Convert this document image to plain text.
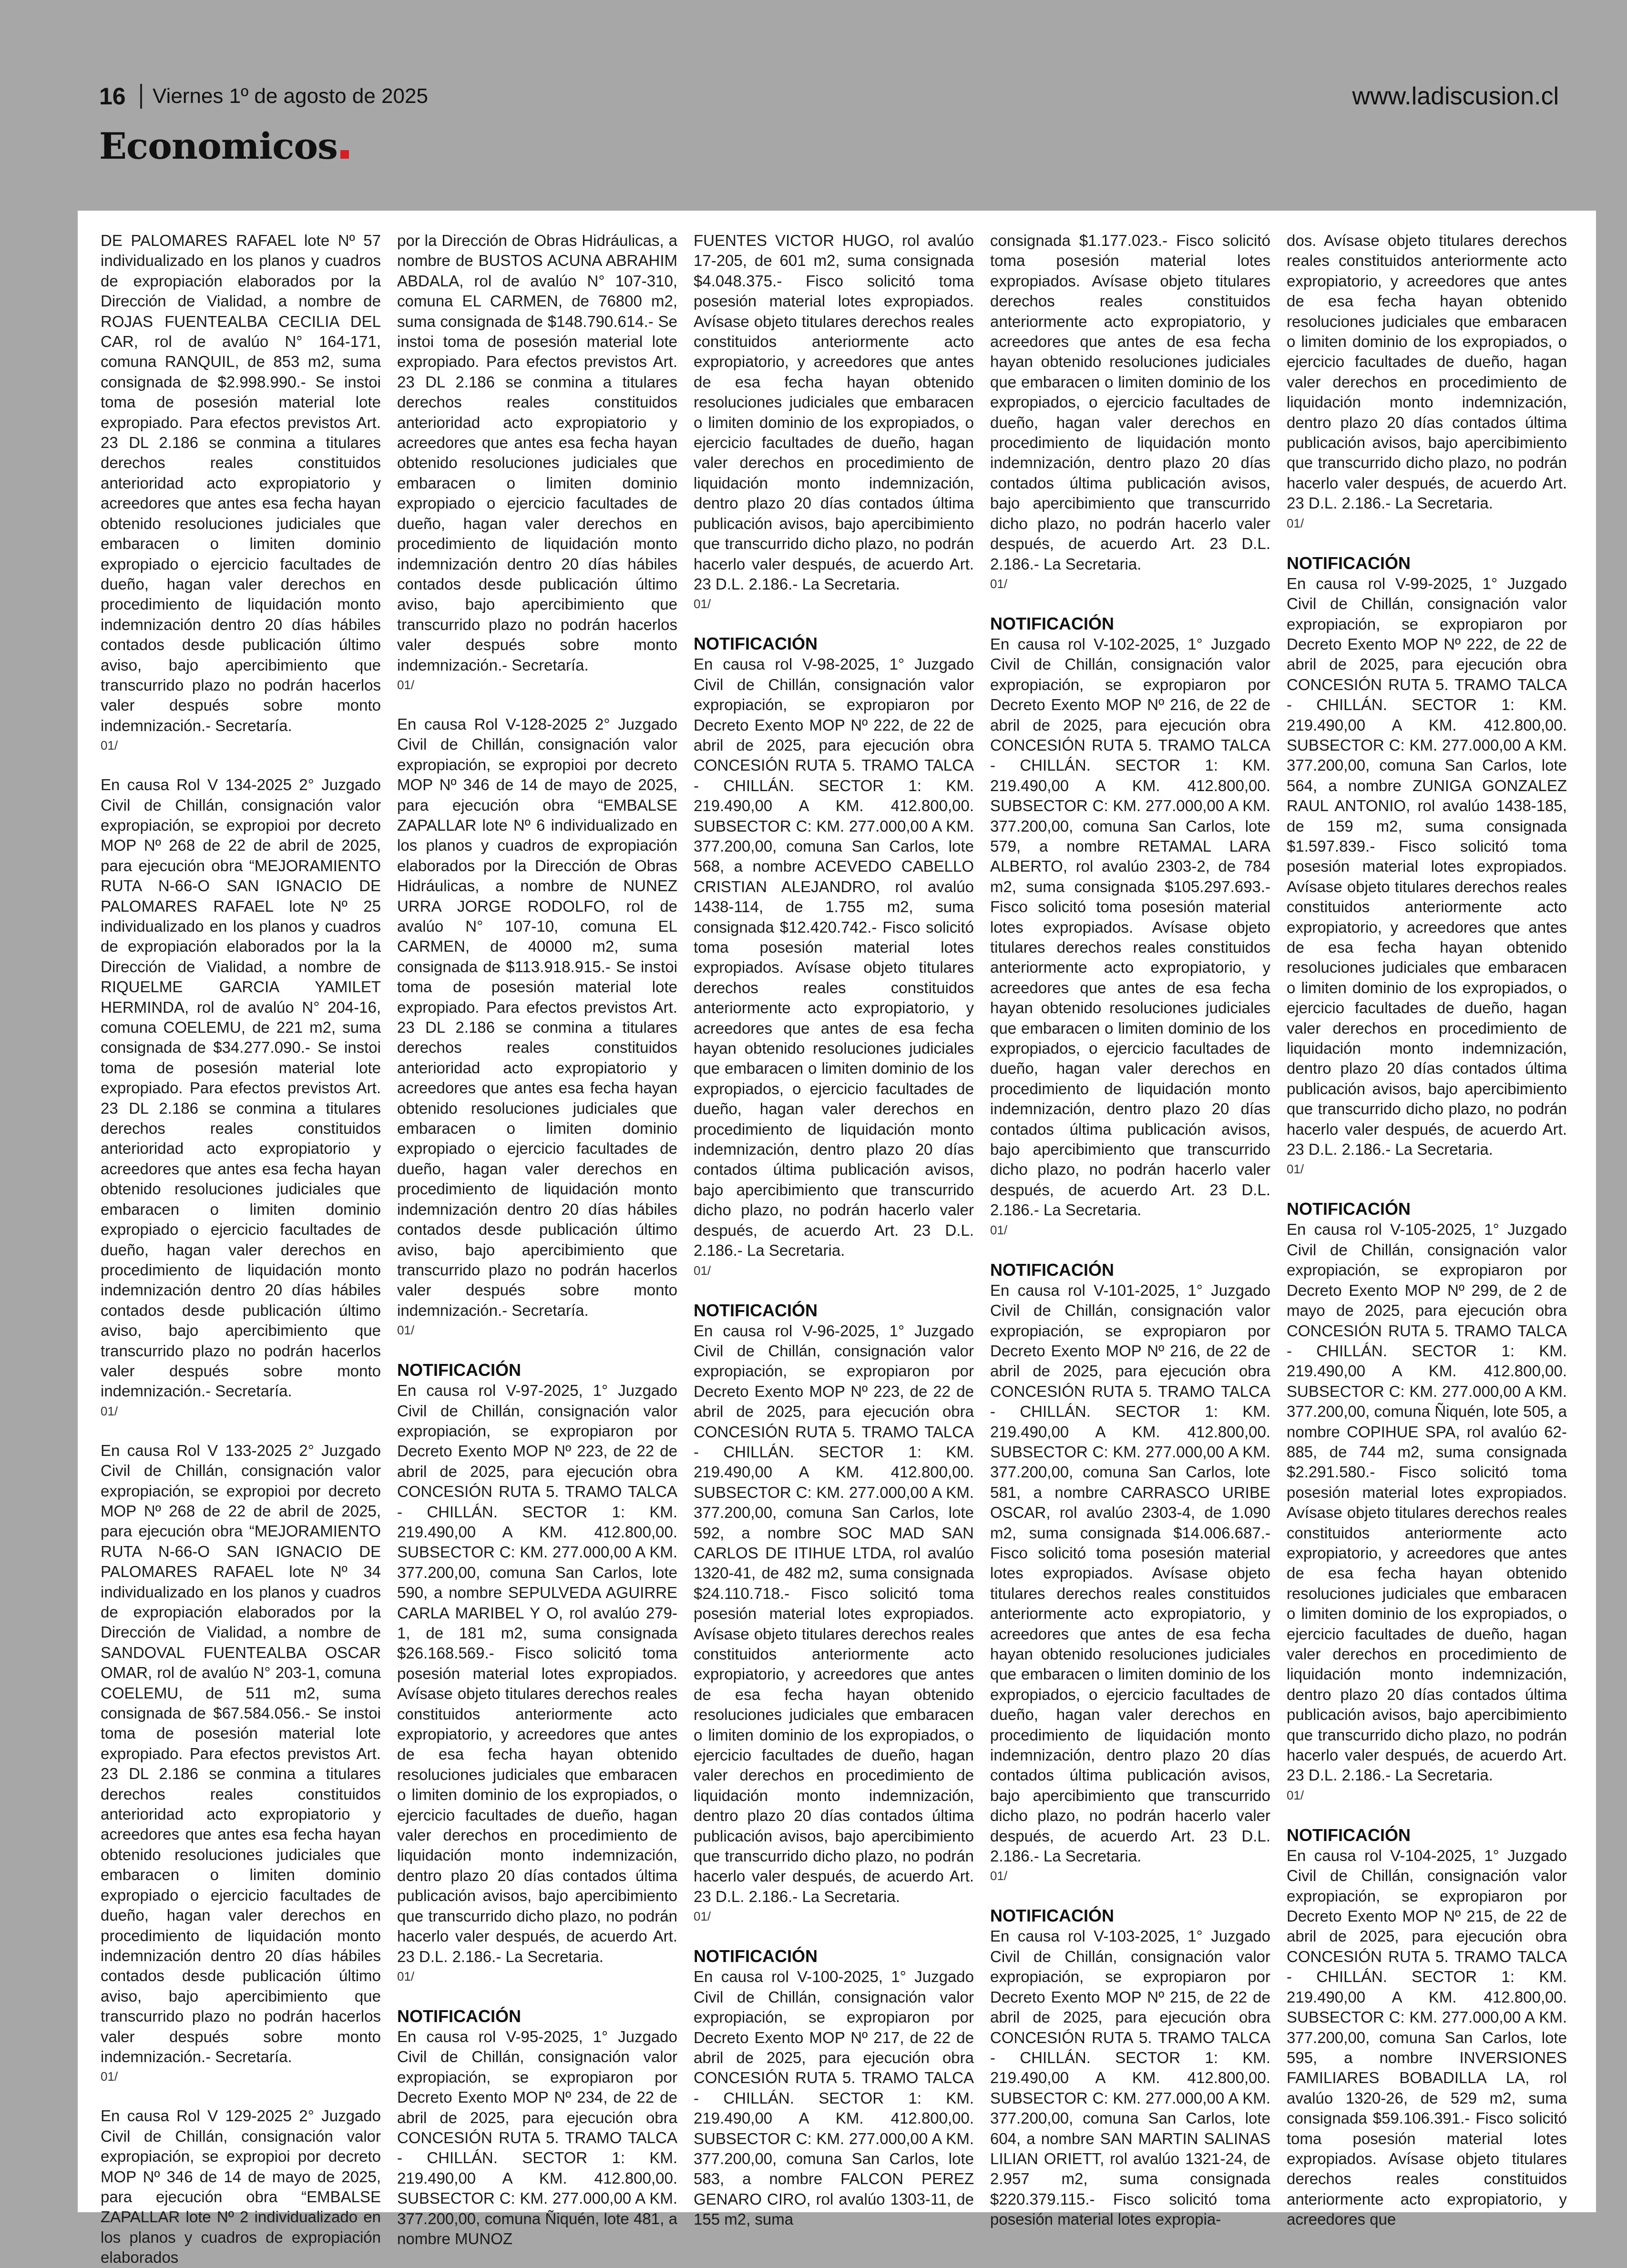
16 Viernes 1º de agosto de 2025	www.ladiscusion.cl
Economicos

DE PALOMARES RAFAEL lote Nº 57 individualizado en los planos y cuadros de expropiación elaborados por la Dirección de Vialidad, a nombre de ROJAS FUENTEALBA CECILIA DEL CAR, rol de avalúo N° 164-171, comuna RANQUIL, de 853 m2, suma consignada de $2.998.990.- Se instoi toma de posesión material lote expropiado. Para efectos previstos Art. 23 DL 2.186 se conmina a titulares derechos reales constituidos anterioridad acto expropiatorio y acreedores que antes esa fecha hayan obtenido resoluciones judiciales que embaracen o limiten dominio expropiado o ejercicio facultades de dueño, hagan valer derechos en procedimiento de liquidación monto indemnización dentro 20 días hábiles contados desde publicación último aviso, bajo apercibimiento que transcurrido plazo no podrán hacerlos valer después sobre monto indemnización.- Secretaría.

01/

En causa Rol V 134-2025 2° Juzgado Civil de Chillán, consignación valor expropiación, se expropioi por decreto MOP Nº 268 de 22 de abril de 2025, para ejecución obra “MEJORAMIENTO RUTA N-66-O SAN IGNACIO DE PALOMARES RAFAEL lote Nº 25 individualizado en los planos y cuadros de expropiación elaborados por la la Dirección de Vialidad, a nombre de RIQUELME GARCIA YAMILET HERMINDA, rol de avalúo N° 204-16, comuna COELEMU, de 221 m2, suma consignada de $34.277.090.- Se instoi toma de posesión material lote expropiado. Para efectos previstos Art. 23 DL 2.186 se conmina a titulares derechos reales constituidos anterioridad acto expropiatorio y acreedores que antes esa fecha hayan obtenido resoluciones judiciales que embaracen o limiten dominio expropiado o ejercicio facultades de dueño, hagan valer derechos en procedimiento de liquidación monto indemnización dentro 20 días hábiles contados desde publicación último aviso, bajo apercibimiento que transcurrido plazo no podrán hacerlos valer después sobre monto indemnización.- Secretaría.

01/

En causa Rol V 133-2025 2° Juzgado Civil de Chillán, consignación valor expropiación, se expropioi por decreto MOP Nº 268 de 22 de abril de 2025, para ejecución obra “MEJORAMIENTO RUTA N-66-O SAN IGNACIO DE PALOMARES RAFAEL lote Nº 34 individualizado en los planos y cuadros de expropiación elaborados por la Dirección de Vialidad, a nombre de SANDOVAL FUENTEALBA OSCAR OMAR, rol de avalúo N° 203-1, comuna COELEMU, de 511 m2, suma consignada de $67.584.056.- Se instoi toma de posesión material lote expropiado. Para efectos previstos Art. 23 DL 2.186 se conmina a titulares derechos reales constituidos anterioridad acto expropiatorio y acreedores que antes esa fecha hayan obtenido resoluciones judiciales que embaracen o limiten dominio expropiado o ejercicio facultades de dueño, hagan valer derechos en procedimiento de liquidación monto indemnización dentro 20 días hábiles contados desde publicación último aviso, bajo apercibimiento que transcurrido plazo no podrán hacerlos valer después sobre monto indemnización.- Secretaría.

01/

En causa Rol V 129-2025 2° Juzgado Civil de Chillán, consignación valor expropiación, se expropioi por decreto MOP Nº 346 de 14 de mayo de 2025, para ejecución obra “EMBALSE ZAPALLAR lote Nº 2 individualizado en los planos y cuadros de expropiación elaborados

por la Dirección de Obras Hidráulicas, a nombre de BUSTOS ACUNA ABRAHIM ABDALA, rol de avalúo N° 107-310, comuna EL CARMEN, de 76800 m2, suma consignada de $148.790.614.- Se instoi toma de posesión material lote expropiado. Para efectos previstos Art. 23 DL 2.186 se conmina a titulares derechos reales constituidos anterioridad acto expropiatorio y acreedores que antes esa fecha hayan obtenido resoluciones judiciales que embaracen o limiten dominio expropiado o ejercicio facultades de dueño, hagan valer derechos en procedimiento de liquidación monto indemnización dentro 20 días hábiles contados desde publicación último aviso, bajo apercibimiento que transcurrido plazo no podrán hacerlos valer después sobre monto indemnización.- Secretaría.

01/

En causa Rol V-128-2025 2° Juzgado Civil de Chillán, consignación valor expropiación, se expropioi por decreto MOP Nº 346 de 14 de mayo de 2025, para ejecución obra “EMBALSE ZAPALLAR lote Nº 6 individualizado en los planos y cuadros de expropiación elaborados por la Dirección de Obras Hidráulicas, a nombre de NUNEZ URRA JORGE RODOLFO, rol de avalúo N° 107-10, comuna EL CARMEN, de 40000 m2, suma consignada de $113.918.915.- Se instoi toma de posesión material lote expropiado. Para efectos previstos Art. 23 DL 2.186 se conmina a titulares derechos reales constituidos anterioridad acto expropiatorio y acreedores que antes esa fecha hayan obtenido resoluciones judiciales que embaracen o limiten dominio expropiado o ejercicio facultades de dueño, hagan valer derechos en procedimiento de liquidación monto indemnización dentro 20 días hábiles contados desde publicación último aviso, bajo apercibimiento que transcurrido plazo no podrán hacerlos valer después sobre monto indemnización.- Secretaría.

01/
NOTIFICACIÓN

En causa rol V-97-2025, 1° Juzgado Civil de Chillán, consignación valor expropiación, se expropiaron por Decreto Exento MOP Nº 223, de 22 de abril de 2025, para ejecución obra CONCESIÓN RUTA 5. TRAMO TALCA - CHILLÁN. SECTOR 1: KM. 219.490,00 A KM. 412.800,00. SUBSECTOR C: KM. 277.000,00 A KM. 377.200,00, comuna San Carlos, lote 590, a nombre SEPULVEDA AGUIRRE CARLA MARIBEL Y O, rol avalúo 279-1, de 181 m2, suma consignada $26.168.569.- Fisco solicitó toma posesión material lotes expropiados. Avísase objeto titulares derechos reales constituidos anteriormente acto expropiatorio, y acreedores que antes de esa fecha hayan obtenido resoluciones judiciales que embaracen o limiten dominio de los expropiados, o ejercicio facultades de dueño, hagan valer derechos en procedimiento de liquidación monto indemnización, dentro plazo 20 días contados última publicación avisos, bajo apercibimiento que transcurrido dicho plazo, no podrán hacerlo valer después, de acuerdo Art. 23 D.L. 2.186.- La Secretaria.

01/
NOTIFICACIÓN

En causa rol V-95-2025, 1° Juzgado Civil de Chillán, consignación valor expropiación, se expropiaron por Decreto Exento MOP Nº 234, de 22 de abril de 2025, para ejecución obra CONCESIÓN RUTA 5. TRAMO TALCA - CHILLÁN. SECTOR 1: KM. 219.490,00 A KM. 412.800,00. SUBSECTOR C: KM. 277.000,00 A KM. 377.200,00, comuna Ñiquén, lote 481, a nombre MUNOZ

FUENTES VICTOR HUGO, rol avalúo 17-205, de 601 m2, suma consignada $4.048.375.- Fisco solicitó toma posesión material lotes expropiados. Avísase objeto titulares derechos reales constituidos anteriormente acto expropiatorio, y acreedores que antes de esa fecha hayan obtenido resoluciones judiciales que embaracen o limiten dominio de los expropiados, o ejercicio facultades de dueño, hagan valer derechos en procedimiento de liquidación monto indemnización, dentro plazo 20 días contados última publicación avisos, bajo apercibimiento que transcurrido dicho plazo, no podrán hacerlo valer después, de acuerdo Art. 23 D.L. 2.186.- La Secretaria.

01/
NOTIFICACIÓN

En causa rol V-98-2025, 1° Juzgado Civil de Chillán, consignación valor expropiación, se expropiaron por Decreto Exento MOP Nº 222, de 22 de abril de 2025, para ejecución obra CONCESIÓN RUTA 5. TRAMO TALCA - CHILLÁN. SECTOR 1: KM. 219.490,00 A KM. 412.800,00. SUBSECTOR C: KM. 277.000,00 A KM. 377.200,00, comuna San Carlos, lote 568, a nombre ACEVEDO CABELLO CRISTIAN ALEJANDRO, rol avalúo 1438-114, de 1.755 m2, suma consignada $12.420.742.- Fisco solicitó toma posesión material lotes expropiados. Avísase objeto titulares derechos reales constituidos anteriormente acto expropiatorio, y acreedores que antes de esa fecha hayan obtenido resoluciones judiciales que embaracen o limiten dominio de los expropiados, o ejercicio facultades de dueño, hagan valer derechos en procedimiento de liquidación monto indemnización, dentro plazo 20 días contados última publicación avisos, bajo apercibimiento que transcurrido dicho plazo, no podrán hacerlo valer después, de acuerdo Art. 23 D.L. 2.186.- La Secretaria.

01/
NOTIFICACIÓN

En causa rol V-96-2025, 1° Juzgado Civil de Chillán, consignación valor expropiación, se expropiaron por Decreto Exento MOP Nº 223, de 22 de abril de 2025, para ejecución obra CONCESIÓN RUTA 5. TRAMO TALCA - CHILLÁN. SECTOR 1: KM. 219.490,00 A KM. 412.800,00. SUBSECTOR C: KM. 277.000,00 A KM. 377.200,00, comuna San Carlos, lote 592, a nombre SOC MAD SAN CARLOS DE ITIHUE LTDA, rol avalúo 1320-41, de 482 m2, suma consignada $24.110.718.- Fisco solicitó toma posesión material lotes expropiados. Avísase objeto titulares derechos reales constituidos anteriormente acto expropiatorio, y acreedores que antes de esa fecha hayan obtenido resoluciones judiciales que embaracen o limiten dominio de los expropiados, o ejercicio facultades de dueño, hagan valer derechos en procedimiento de liquidación monto indemnización, dentro plazo 20 días contados última publicación avisos, bajo apercibimiento que transcurrido dicho plazo, no podrán hacerlo valer después, de acuerdo Art. 23 D.L. 2.186.- La Secretaria.

01/
NOTIFICACIÓN

En causa rol V-100-2025, 1° Juzgado Civil de Chillán, consignación valor expropiación, se expropiaron por Decreto Exento MOP Nº 217, de 22 de abril de 2025, para ejecución obra CONCESIÓN RUTA 5. TRAMO TALCA - CHILLÁN. SECTOR 1: KM. 219.490,00 A KM. 412.800,00. SUBSECTOR C: KM. 277.000,00 A KM. 377.200,00, comuna San Carlos, lote 583, a nombre FALCON PEREZ GENARO CIRO, rol avalúo 1303-11, de 155 m2, suma

consignada $1.177.023.- Fisco solicitó toma posesión material lotes expropiados. Avísase objeto titulares derechos reales constituidos anteriormente acto expropiatorio, y acreedores que antes de esa fecha hayan obtenido resoluciones judiciales que embaracen o limiten dominio de los expropiados, o ejercicio facultades de dueño, hagan valer derechos en procedimiento de liquidación monto indemnización, dentro plazo 20 días contados última publicación avisos, bajo apercibimiento que transcurrido dicho plazo, no podrán hacerlo valer después, de acuerdo Art. 23 D.L. 2.186.- La Secretaria.

01/
NOTIFICACIÓN

En causa rol V-102-2025, 1° Juzgado Civil de Chillán, consignación valor expropiación, se expropiaron por Decreto Exento MOP Nº 216, de 22 de abril de 2025, para ejecución obra CONCESIÓN RUTA 5. TRAMO TALCA - CHILLÁN. SECTOR 1: KM. 219.490,00 A KM. 412.800,00. SUBSECTOR C: KM. 277.000,00 A KM. 377.200,00, comuna San Carlos, lote 579, a nombre RETAMAL LARA ALBERTO, rol avalúo 2303-2, de 784 m2, suma consignada $105.297.693.- Fisco solicitó toma posesión material lotes expropiados. Avísase objeto titulares derechos reales constituidos anteriormente acto expropiatorio, y acreedores que antes de esa fecha hayan obtenido resoluciones judiciales que embaracen o limiten dominio de los expropiados, o ejercicio facultades de dueño, hagan valer derechos en procedimiento de liquidación monto indemnización, dentro plazo 20 días contados última publicación avisos, bajo apercibimiento que transcurrido dicho plazo, no podrán hacerlo valer después, de acuerdo Art. 23 D.L. 2.186.- La Secretaria.

01/
NOTIFICACIÓN

En causa rol V-101-2025, 1° Juzgado Civil de Chillán, consignación valor expropiación, se expropiaron por Decreto Exento MOP Nº 216, de 22 de abril de 2025, para ejecución obra CONCESIÓN RUTA 5. TRAMO TALCA - CHILLÁN. SECTOR 1: KM. 219.490,00 A KM. 412.800,00. SUBSECTOR C: KM. 277.000,00 A KM. 377.200,00, comuna San Carlos, lote 581, a nombre CARRASCO URIBE OSCAR, rol avalúo 2303-4, de 1.090 m2, suma consignada $14.006.687.- Fisco solicitó toma posesión material lotes expropiados. Avísase objeto titulares derechos reales constituidos anteriormente acto expropiatorio, y acreedores que antes de esa fecha hayan obtenido resoluciones judiciales que embaracen o limiten dominio de los expropiados, o ejercicio facultades de dueño, hagan valer derechos en procedimiento de liquidación monto indemnización, dentro plazo 20 días contados última publicación avisos, bajo apercibimiento que transcurrido dicho plazo, no podrán hacerlo valer después, de acuerdo Art. 23 D.L. 2.186.- La Secretaria.

01/
NOTIFICACIÓN

En causa rol V-103-2025, 1° Juzgado Civil de Chillán, consignación valor expropiación, se expropiaron por Decreto Exento MOP Nº 215, de 22 de abril de 2025, para ejecución obra CONCESIÓN RUTA 5. TRAMO TALCA - CHILLÁN. SECTOR 1: KM. 219.490,00 A KM. 412.800,00. SUBSECTOR C: KM. 277.000,00 A KM. 377.200,00, comuna San Carlos, lote 604, a nombre SAN MARTIN SALINAS LILIAN ORIETT, rol avalúo 1321-24, de 2.957 m2, suma consignada $220.379.115.- Fisco solicitó toma posesión material lotes expropia-

dos. Avísase objeto titulares derechos reales constituidos anteriormente acto expropiatorio, y acreedores que antes de esa fecha hayan obtenido resoluciones judiciales que embaracen o limiten dominio de los expropiados, o ejercicio facultades de dueño, hagan valer derechos en procedimiento de liquidación monto indemnización, dentro plazo 20 días contados última publicación avisos, bajo apercibimiento que transcurrido dicho plazo, no podrán hacerlo valer después, de acuerdo Art. 23 D.L. 2.186.- La Secretaria.

01/
NOTIFICACIÓN

En causa rol V-99-2025, 1° Juzgado Civil de Chillán, consignación valor expropiación, se expropiaron por Decreto Exento MOP Nº 222, de 22 de abril de 2025, para ejecución obra CONCESIÓN RUTA 5. TRAMO TALCA - CHILLÁN. SECTOR 1: KM. 219.490,00 A KM. 412.800,00. SUBSECTOR C: KM. 277.000,00 A KM. 377.200,00, comuna San Carlos, lote 564, a nombre ZUNIGA GONZALEZ RAUL ANTONIO, rol avalúo 1438-185, de 159 m2, suma consignada $1.597.839.- Fisco solicitó toma posesión material lotes expropiados. Avísase objeto titulares derechos reales constituidos anteriormente acto expropiatorio, y acreedores que antes de esa fecha hayan obtenido resoluciones judiciales que embaracen o limiten dominio de los expropiados, o ejercicio facultades de dueño, hagan valer derechos en procedimiento de liquidación monto indemnización, dentro plazo 20 días contados última publicación avisos, bajo apercibimiento que transcurrido dicho plazo, no podrán hacerlo valer después, de acuerdo Art. 23 D.L. 2.186.- La Secretaria.

01/
NOTIFICACIÓN

En causa rol V-105-2025, 1° Juzgado Civil de Chillán, consignación valor expropiación, se expropiaron por Decreto Exento MOP Nº 299, de 2 de mayo de 2025, para ejecución obra CONCESIÓN RUTA 5. TRAMO TALCA - CHILLÁN. SECTOR 1: KM. 219.490,00 A KM. 412.800,00. SUBSECTOR C: KM. 277.000,00 A KM. 377.200,00, comuna Ñiquén, lote 505, a nombre COPIHUE SPA, rol avalúo 62-885, de 744 m2, suma consignada $2.291.580.- Fisco solicitó toma posesión material lotes expropiados. Avísase objeto titulares derechos reales constituidos anteriormente acto expropiatorio, y acreedores que antes de esa fecha hayan obtenido resoluciones judiciales que embaracen o limiten dominio de los expropiados, o ejercicio facultades de dueño, hagan valer derechos en procedimiento de liquidación monto indemnización, dentro plazo 20 días contados última publicación avisos, bajo apercibimiento que transcurrido dicho plazo, no podrán hacerlo valer después, de acuerdo Art. 23 D.L. 2.186.- La Secretaria.

01/
NOTIFICACIÓN

En causa rol V-104-2025, 1° Juzgado Civil de Chillán, consignación valor expropiación, se expropiaron por Decreto Exento MOP Nº 215, de 22 de abril de 2025, para ejecución obra CONCESIÓN RUTA 5. TRAMO TALCA - CHILLÁN. SECTOR 1: KM. 219.490,00 A KM. 412.800,00. SUBSECTOR C: KM. 277.000,00 A KM. 377.200,00, comuna San Carlos, lote 595, a nombre INVERSIONES FAMILIARES BOBADILLA LA, rol avalúo 1320-26, de 529 m2, suma consignada $59.106.391.- Fisco solicitó toma posesión material lotes expropiados. Avísase objeto titulares derechos reales constituidos anteriormente acto expropiatorio, y acreedores que
